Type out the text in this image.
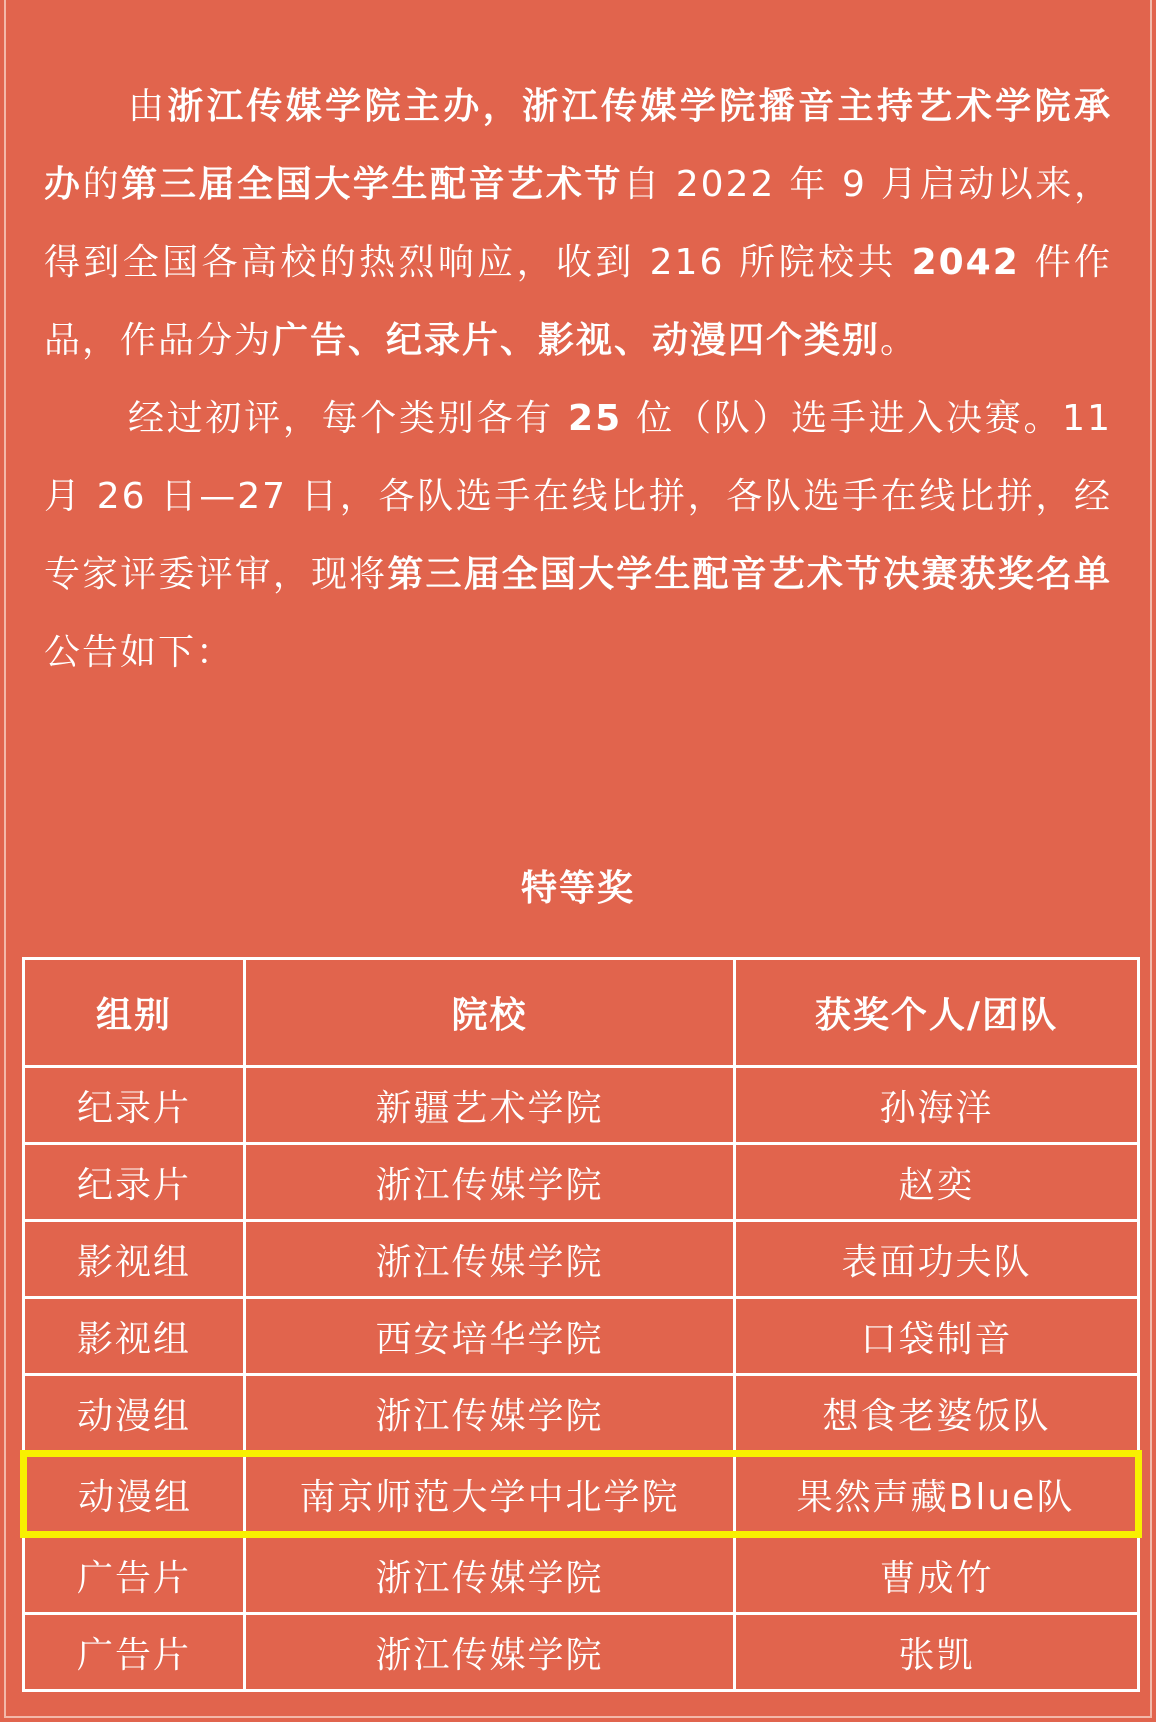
由浙江传媒学院主办，浙江传媒学院播音主持艺术学院承办的第三届全国大学生配音艺术节自 2022 年 9 月启动以来，得到全国各高校的热烈响应，收到 216 所院校共 2042 件作品，作品分为广告、纪录片、影视、动漫四个类别。

经过初评，每个类别各有 25 位（队）选手进入决赛。11 月 26 日—27 日，各队选手在线比拼，各队选手在线比拼，经专家评委评审，现将第三届全国大学生配音艺术节决赛获奖名单公告如下：

特等奖
组别	院校	获奖个人/团队
纪录片	新疆艺术学院	孙海洋
纪录片	浙江传媒学院	赵奕
影视组	浙江传媒学院	表面功夫队
影视组	西安培华学院	口袋制音
动漫组	浙江传媒学院	想食老婆饭队
动漫组	南京师范大学中北学院	果然声藏Blue队
广告片	浙江传媒学院	曹成竹
广告片	浙江传媒学院	张凯
